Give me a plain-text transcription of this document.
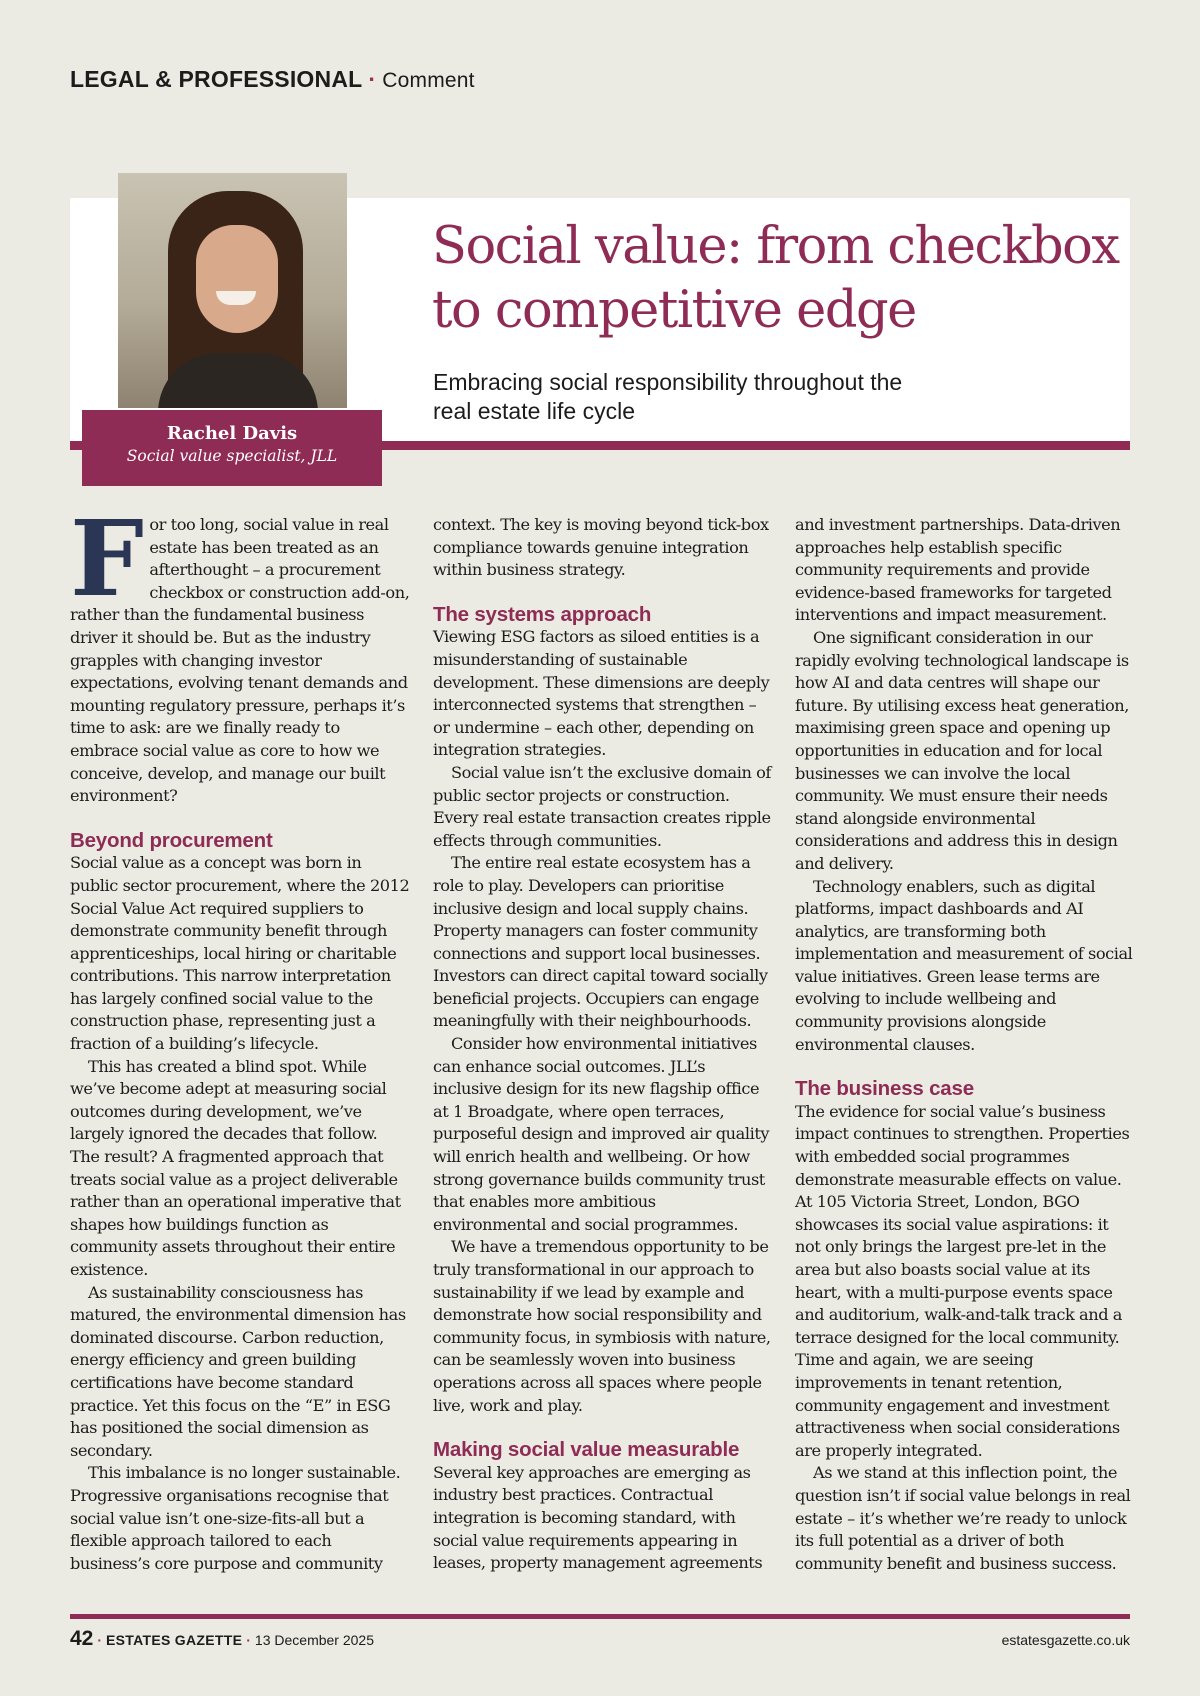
LEGAL & PROFESSIONAL · Comment
Social value: from checkbox
to competitive edge

Embracing social responsibility throughout the
real estate life cycle

Rachel Davis
Social value specialist, JLL

For too long, social value in real estate has been treated as an afterthought – a procurement checkbox or construction add-on, rather than the fundamental business driver it should be. But as the industry grapples with changing investor expectations, evolving tenant demands and mounting regulatory pressure, perhaps it’s time to ask: are we finally ready to embrace social value as core to how we conceive, develop, and manage our built environment?

Beyond procurement

Social value as a concept was born in public sector procurement, where the 2012 Social Value Act required suppliers to demonstrate community benefit through apprenticeships, local hiring or charitable contributions. This narrow interpretation has largely confined social value to the construction phase, representing just a fraction of a building’s lifecycle.

This has created a blind spot. While we’ve become adept at measuring social outcomes during development, we’ve largely ignored the decades that follow. The result? A fragmented approach that treats social value as a project deliverable rather than an operational imperative that shapes how buildings function as community assets throughout their entire existence.

As sustainability consciousness has matured, the environmental dimension has dominated discourse. Carbon reduction, energy efficiency and green building certifications have become standard practice. Yet this focus on the “E” in ESG has positioned the social dimension as secondary.

This imbalance is no longer sustainable. Progressive organisations recognise that social value isn’t one-size-fits-all but a flexible approach tailored to each business’s core purpose and community

context. The key is moving beyond tick-box compliance towards genuine integration within business strategy.

The systems approach

Viewing ESG factors as siloed entities is a misunderstanding of sustainable development. These dimensions are deeply interconnected systems that strengthen – or undermine – each other, depending on integration strategies.

Social value isn’t the exclusive domain of public sector projects or construction. Every real estate transaction creates ripple effects through communities.

The entire real estate ecosystem has a role to play. Developers can prioritise inclusive design and local supply chains. Property managers can foster community connections and support local businesses. Investors can direct capital toward socially beneficial projects. Occupiers can engage meaningfully with their neighbourhoods.

Consider how environmental initiatives can enhance social outcomes. JLL’s inclusive design for its new flagship office at 1 Broadgate, where open terraces, purposeful design and improved air quality will enrich health and wellbeing. Or how strong governance builds community trust that enables more ambitious environmental and social programmes.

We have a tremendous opportunity to be truly transformational in our approach to sustainability if we lead by example and demonstrate how social responsibility and community focus, in symbiosis with nature, can be seamlessly woven into business operations across all spaces where people live, work and play.

Making social value measurable

Several key approaches are emerging as industry best practices. Contractual integration is becoming standard, with social value requirements appearing in leases, property management agreements

and investment partnerships. Data-driven approaches help establish specific community requirements and provide evidence-based frameworks for targeted interventions and impact measurement.

One significant consideration in our rapidly evolving technological landscape is how AI and data centres will shape our future. By utilising excess heat generation, maximising green space and opening up opportunities in education and for local businesses we can involve the local community. We must ensure their needs stand alongside environmental considerations and address this in design and delivery.

Technology enablers, such as digital platforms, impact dashboards and AI analytics, are transforming both implementation and measurement of social value initiatives. Green lease terms are evolving to include wellbeing and community provisions alongside environmental clauses.

The business case

The evidence for social value’s business impact continues to strengthen. Properties with embedded social programmes demonstrate measurable effects on value. At 105 Victoria Street, London, BGO showcases its social value aspirations: it not only brings the largest pre-let in the area but also boasts social value at its heart, with a multi-purpose events space and auditorium, walk-and-talk track and a terrace designed for the local community. Time and again, we are seeing improvements in tenant retention, community engagement and investment attractiveness when social considerations are properly integrated.

As we stand at this inflection point, the question isn’t if social value belongs in real estate – it’s whether we’re ready to unlock its full potential as a driver of both community benefit and business success.

42 · ESTATES GAZETTE · 13 December 2025	estatesgazette.co.uk
